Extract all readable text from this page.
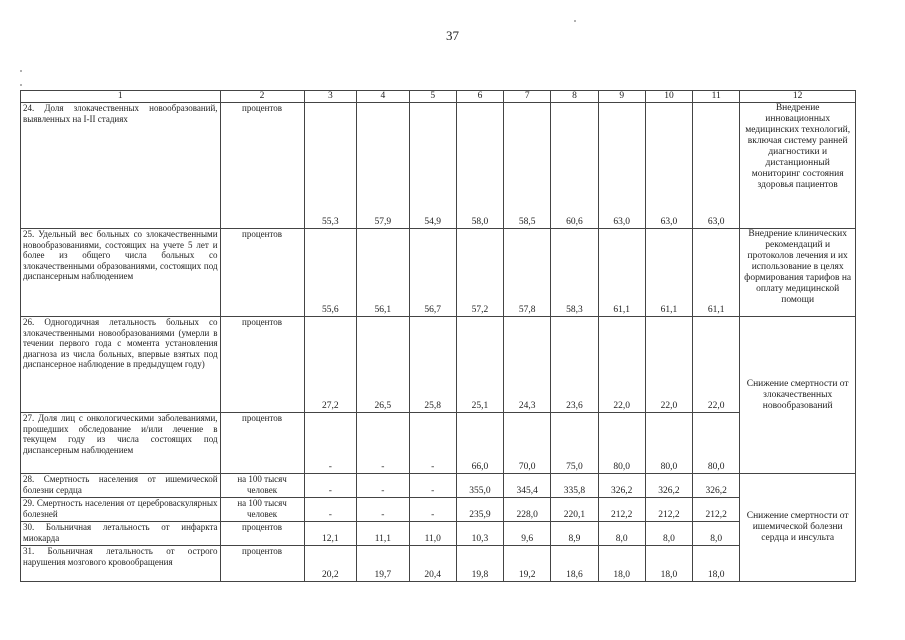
37
1	2	3	4	5	6	7	8	9	10	11	12
24. Доля злокачественных новообразований, выявленных на I-II стадиях	процентов	55,3	57,9	54,9	58,0	58,5	60,6	63,0	63,0	63,0	Внедрение инновационных медицинских технологий, включая систему ранней диагностики и дистанционный мониторинг состояния здоровья пациентов
25. Удельный вес больных со злокачественными новообразованиями, состоящих на учете 5 лет и более из общего числа больных со злокачественными образованиями, состоящих под диспансерным наблюдением	процентов	55,6	56,1	56,7	57,2	57,8	58,3	61,1	61,1	61,1	Внедрение клинических рекомендаций и протоколов лечения и их использование в целях формирования тарифов на оплату медицинской помощи
26. Одногодичная летальность больных со злокачественными новообразованиями (умерли в течении первого года с момента установления диагноза из числа больных, впервые взятых под диспансерное наблюдение в предыдущем году)	процентов	27,2	26,5	25,8	25,1	24,3	23,6	22,0	22,0	22,0	Снижение смертности от злокачественных новообразований
27. Доля лиц с онкологическими заболеваниями, прошедших обследование и/или лечение в текущем году из числа состоящих под диспансерным наблюдением	процентов	-	-	-	66,0	70,0	75,0	80,0	80,0	80,0	
28. Смертность населения от ишемической болезни сердца	на 100 тысяч человек	-	-	-	355,0	345,4	335,8	326,2	326,2	326,2	Снижение смертности от ишемической болезни сердца и инсульта
29. Смертность населения от цереброваскулярных болезней	на 100 тысяч человек	-	-	-	235,9	228,0	220,1	212,2	212,2	212,2	
30. Больничная летальность от инфаркта миокарда	процентов	12,1	11,1	11,0	10,3	9,6	8,9	8,0	8,0	8,0	
31. Больничная летальность от острого нарушения мозгового кровообращения	процентов	20,2	19,7	20,4	19,8	19,2	18,6	18,0	18,0	18,0	
